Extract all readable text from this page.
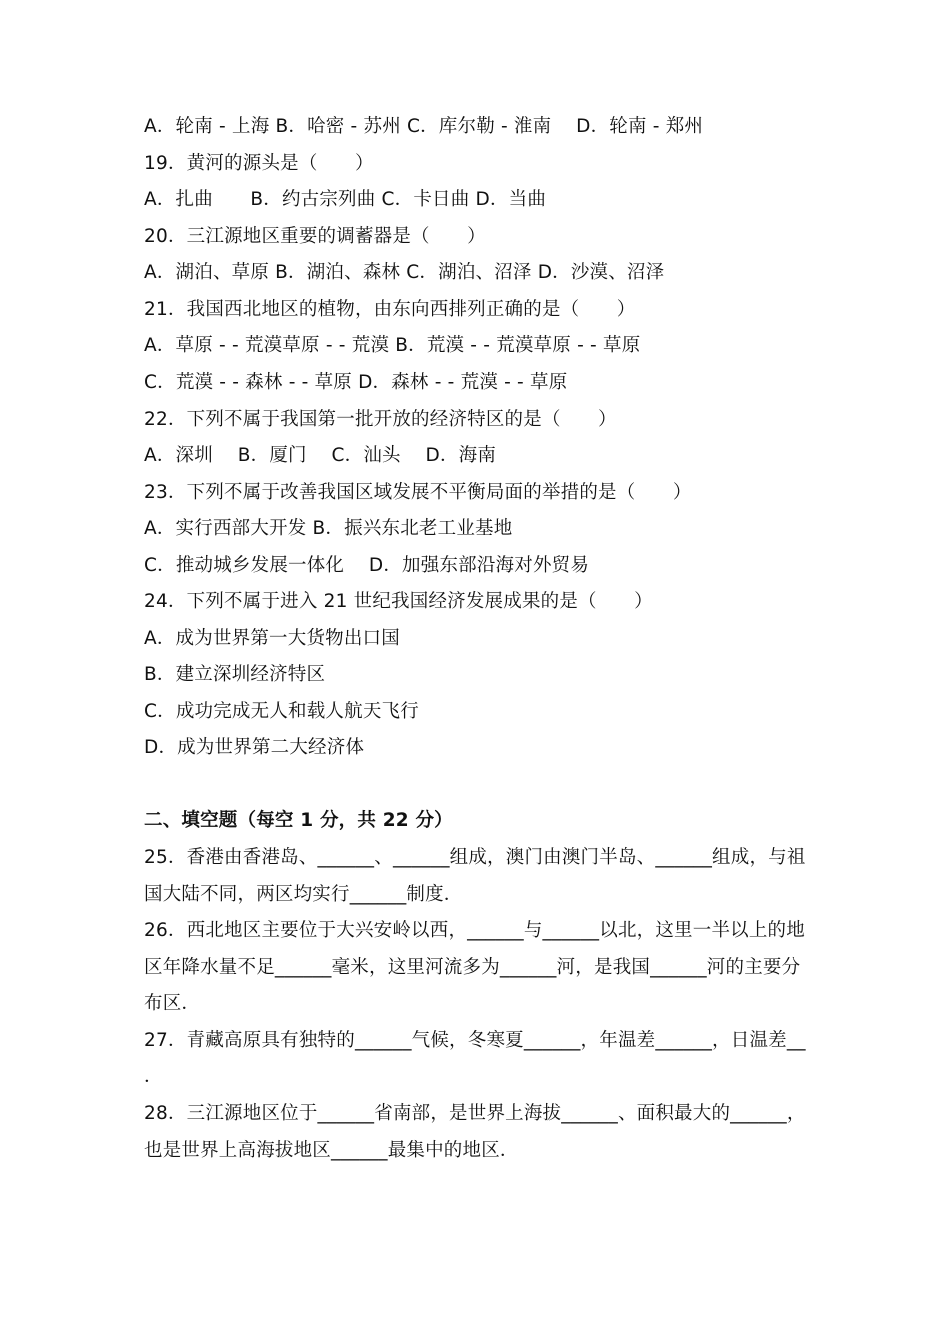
A．轮南 - 上海 B．哈密 - 苏州 C．库尔勒 - 淮南　 D．轮南 - 郑州
19．黄河的源头是（　　）
A．扎曲　　B．约古宗列曲 C．卡日曲 D．当曲
20．三江源地区重要的调蓄器是（　　）
A．湖泊、草原 B．湖泊、森林 C．湖泊、沼泽 D．沙漠、沼泽
21．我国西北地区的植物，由东向西排列正确的是（　　）
A．草原 - - 荒漠草原 - - 荒漠 B．荒漠 - - 荒漠草原 - - 草原
C．荒漠 - - 森林 - - 草原 D．森林 - - 荒漠 - - 草原
22．下列不属于我国第一批开放的经济特区的是（　　）
A．深圳　 B．厦门　 C．汕头　 D．海南
23．下列不属于改善我国区域发展不平衡局面的举措的是（　　）
A．实行西部大开发 B．振兴东北老工业基地
C．推动城乡发展一体化　 D．加强东部沿海对外贸易
24．下列不属于进入 21 世纪我国经济发展成果的是（　　）
A．成为世界第一大货物出口国
B．建立深圳经济特区
C．成功完成无人和载人航天飞行
D．成为世界第二大经济体
二、填空题（每空 1 分，共 22 分）
25．香港由香港岛、______、______组成，澳门由澳门半岛、______组成，与祖
国大陆不同，两区均实行______制度．
26．西北地区主要位于大兴安岭以西，______与______以北，这里一半以上的地
区年降水量不足______毫米，这里河流多为______河，是我国______河的主要分
布区．
27．青藏高原具有独特的______气候，冬寒夏______，年温差______，日温差__
．
28．三江源地区位于______省南部，是世界上海拔______、面积最大的______，
也是世界上高海拔地区______最集中的地区．
